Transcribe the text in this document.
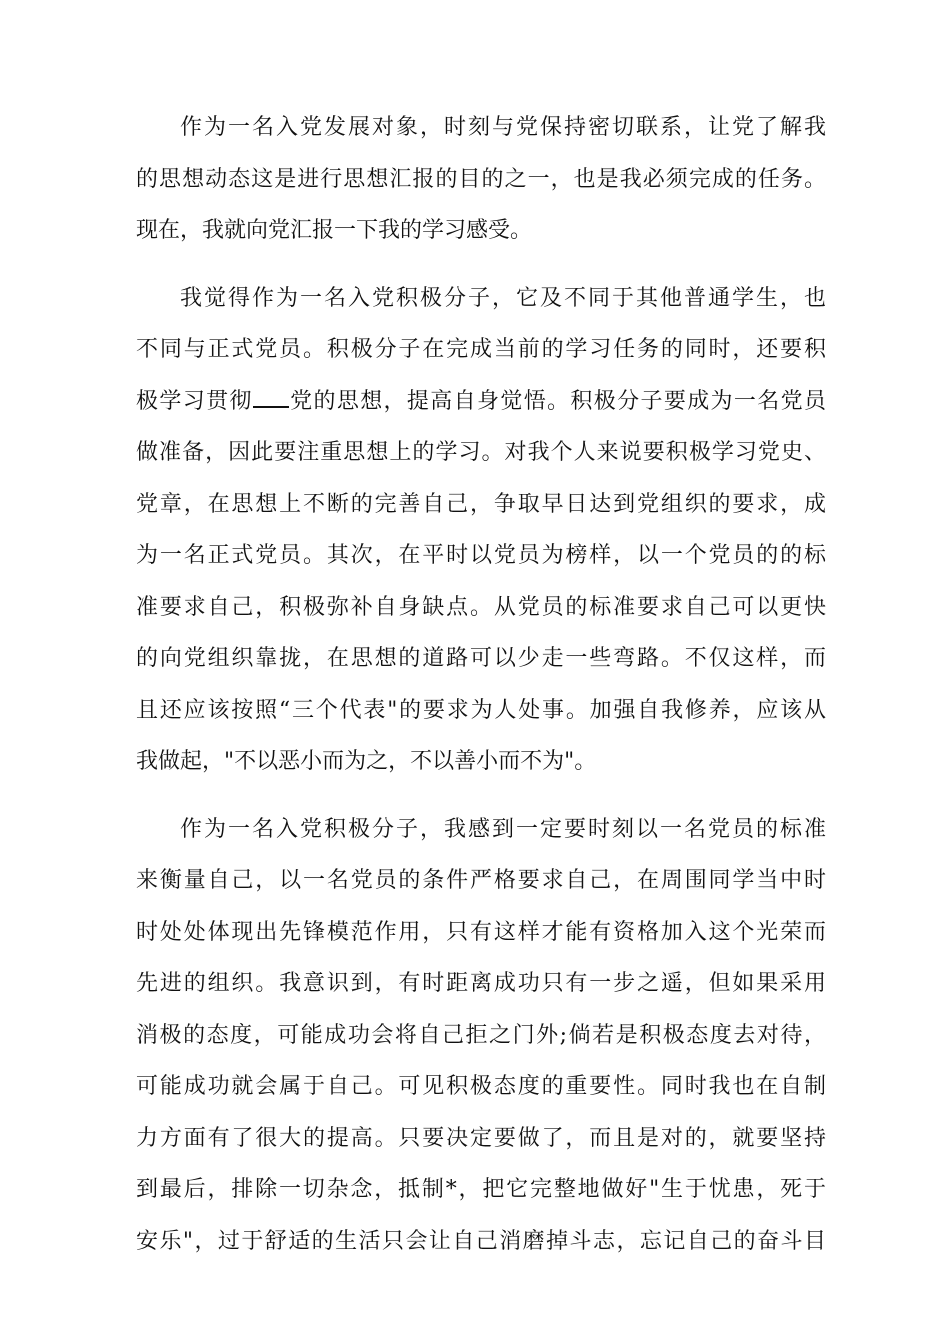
作为一名入党发展对象，时刻与党保持密切联系，让党了解我
的思想动态这是进行思想汇报的目的之一，也是我必须完成的任务。
现在，我就向党汇报一下我的学习感受。
我觉得作为一名入党积极分子，它及不同于其他普通学生，也
不同与正式党员。积极分子在完成当前的学习任务的同时，还要积
极学习贯彻 党的思想，提高自身觉悟。积极分子要成为一名党员
做准备，因此要注重思想上的学习。对我个人来说要积极学习党史、
党章，在思想上不断的完善自己，争取早日达到党组织的要求，成
为一名正式党员。其次，在平时以党员为榜样，以一个党员的的标
准要求自己，积极弥补自身缺点。从党员的标准要求自己可以更快
的向党组织靠拢，在思想的道路可以少走一些弯路。不仅这样，而
且还应该按照“三个代表"的要求为人处事。加强自我修养，应该从
我做起，"不以恶小而为之，不以善小而不为"。
作为一名入党积极分子，我感到一定要时刻以一名党员的标准
来衡量自己，以一名党员的条件严格要求自己，在周围同学当中时
时处处体现出先锋模范作用，只有这样才能有资格加入这个光荣而
先进的组织。我意识到，有时距离成功只有一步之遥，但如果采用
消极的态度，可能成功会将自己拒之门外;倘若是积极态度去对待，
可能成功就会属于自己。可见积极态度的重要性。同时我也在自制
力方面有了很大的提高。只要决定要做了，而且是对的，就要坚持
到最后，排除一切杂念，抵制*，把它完整地做好"生于忧患，死于
安乐"，过于舒适的生活只会让自己消磨掉斗志，忘记自己的奋斗目
